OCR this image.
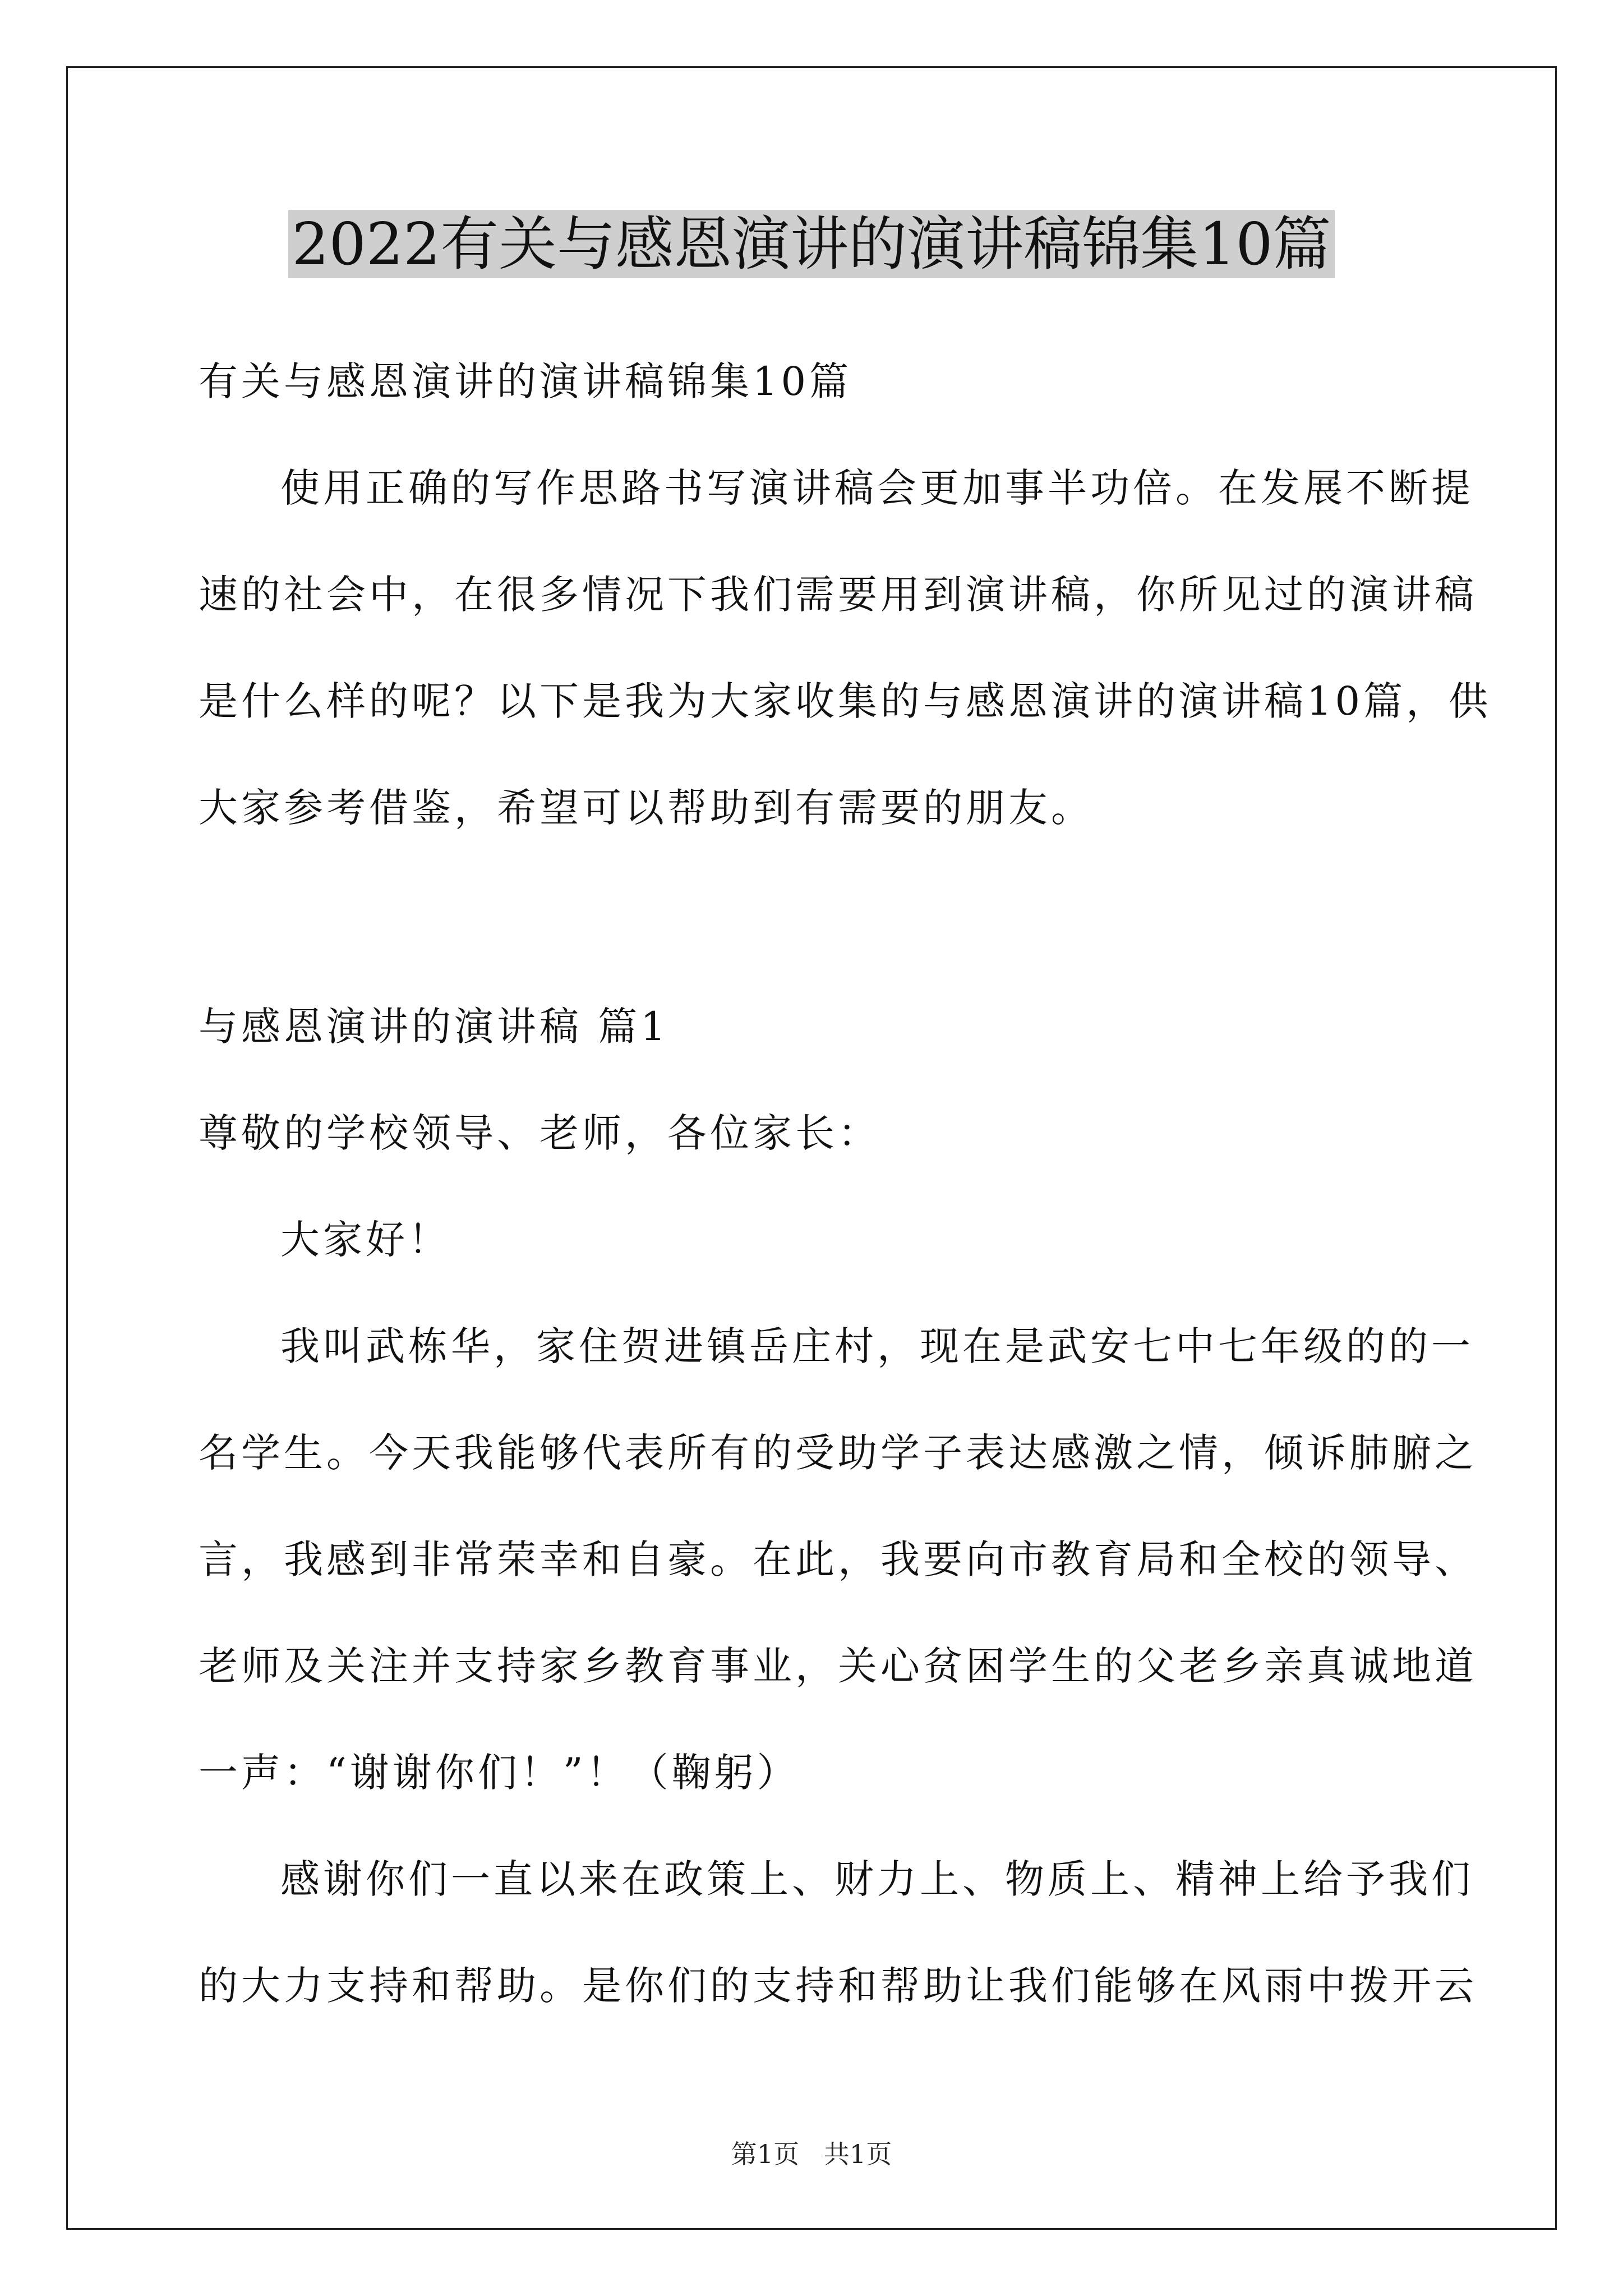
2022有关与感恩演讲的演讲稿锦集10篇
有关与感恩演讲的演讲稿锦集10篇
使用正确的写作思路书写演讲稿会更加事半功倍。在发展不断提
速的社会中，在很多情况下我们需要用到演讲稿，你所见过的演讲稿
是什么样的呢？以下是我为大家收集的与感恩演讲的演讲稿10篇，供
大家参考借鉴，希望可以帮助到有需要的朋友。
与感恩演讲的演讲稿 篇1
尊敬的学校领导、老师，各位家长：
大家好！
我叫武栋华，家住贺进镇岳庄村，现在是武安七中七年级的的一
名学生。今天我能够代表所有的受助学子表达感激之情，倾诉肺腑之
言，我感到非常荣幸和自豪。在此，我要向市教育局和全校的领导、
老师及关注并支持家乡教育事业，关心贫困学生的父老乡亲真诚地道
一声：“谢谢你们！”！（鞠躬）
感谢你们一直以来在政策上、财力上、物质上、精神上给予我们
的大力支持和帮助。是你们的支持和帮助让我们能够在风雨中拨开云
第1页   共1页
